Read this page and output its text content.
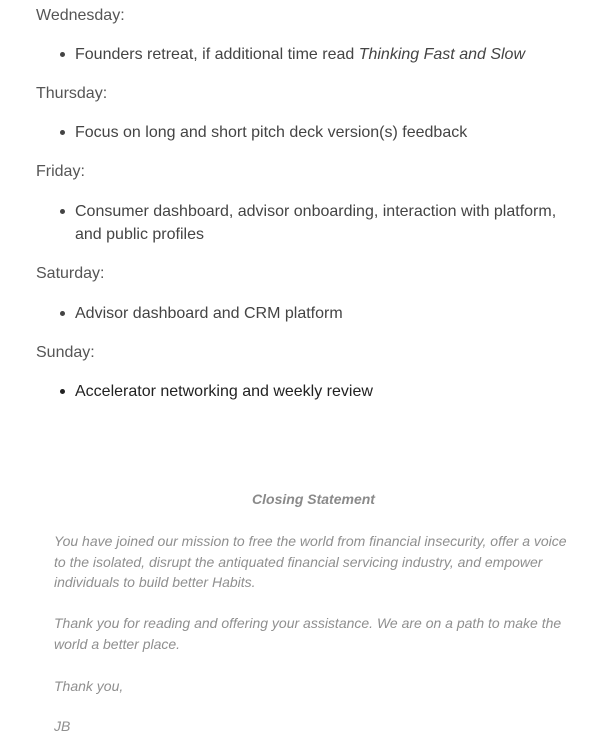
Wednesday:
Founders retreat, if additional time read Thinking Fast and Slow
Thursday:
Focus on long and short pitch deck version(s) feedback
Friday:
Consumer dashboard, advisor onboarding, interaction with platform, and public profiles
Saturday:
Advisor dashboard and CRM platform
Sunday:
Accelerator networking and weekly review
Closing Statement

You have joined our mission to free the world from financial insecurity, offer a voice to the isolated, disrupt the antiquated financial servicing industry, and empower individuals to build better Habits.

Thank you for reading and offering your assistance. We are on a path to make the world a better place.

Thank you,

JB
